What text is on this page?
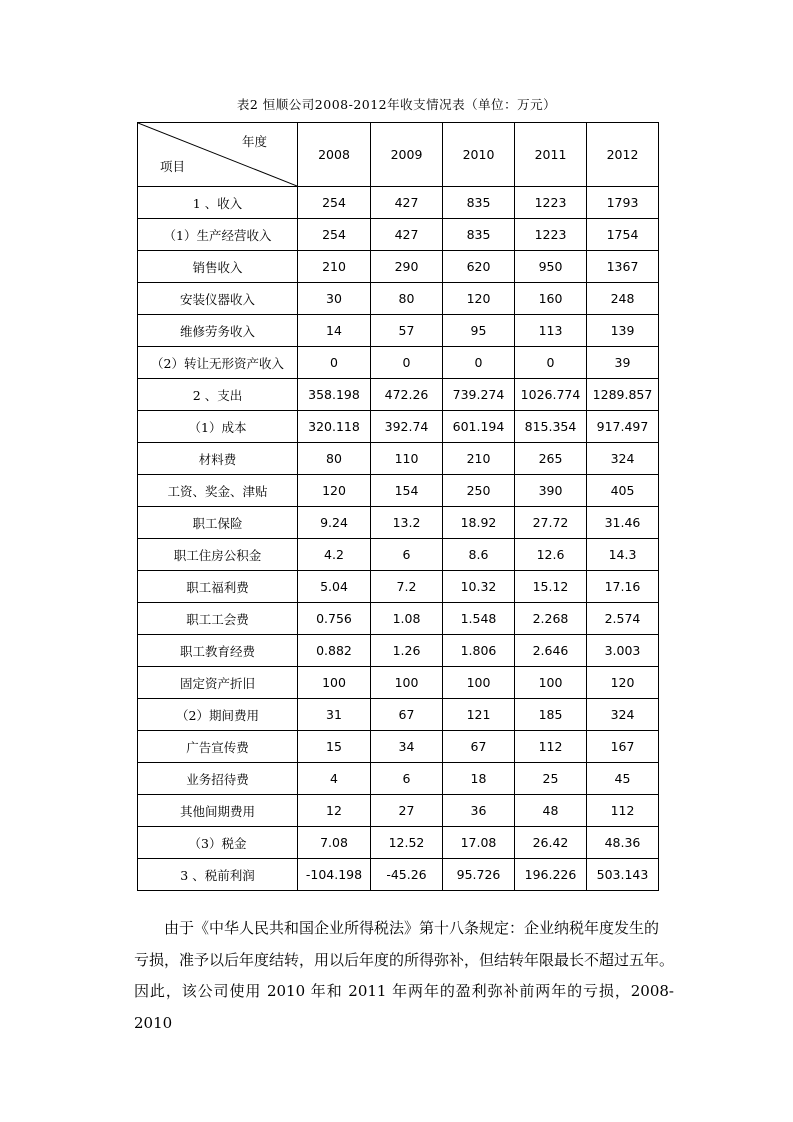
表2 恒顺公司2008-2012年收支情况表（单位：万元）
年度
项目	2008	2009	2010	2011	2012
1 、收入	254	427	835	1223	1793
（1）生产经营收入	254	427	835	1223	1754
销售收入	210	290	620	950	1367
安装仪器收入	30	80	120	160	248
维修劳务收入	14	57	95	113	139
（2）转让无形资产收入	0	0	0	0	39
2 、支出	358.198	472.26	739.274	1026.774	1289.857
（1）成本	320.118	392.74	601.194	815.354	917.497
材料费	80	110	210	265	324
工资、奖金、津贴	120	154	250	390	405
职工保险	9.24	13.2	18.92	27.72	31.46
职工住房公积金	4.2	6	8.6	12.6	14.3
职工福利费	5.04	7.2	10.32	15.12	17.16
职工工会费	0.756	1.08	1.548	2.268	2.574
职工教育经费	0.882	1.26	1.806	2.646	3.003
固定资产折旧	100	100	100	100	120
（2）期间费用	31	67	121	185	324
广告宣传费	15	34	67	112	167
业务招待费	4	6	18	25	45
其他间期费用	12	27	36	48	112
（3）税金	7.08	12.52	17.08	26.42	48.36
3 、税前利润	-104.198	-45.26	95.726	196.226	503.143

由于《中华人民共和国企业所得税法》第十八条规定：企业纳税年度发生的

亏损，准予以后年度结转，用以后年度的所得弥补，但结转年限最长不超过五年。

因此，该公司使用 2010 年和 2011 年两年的盈利弥补前两年的亏损，2008-2010
